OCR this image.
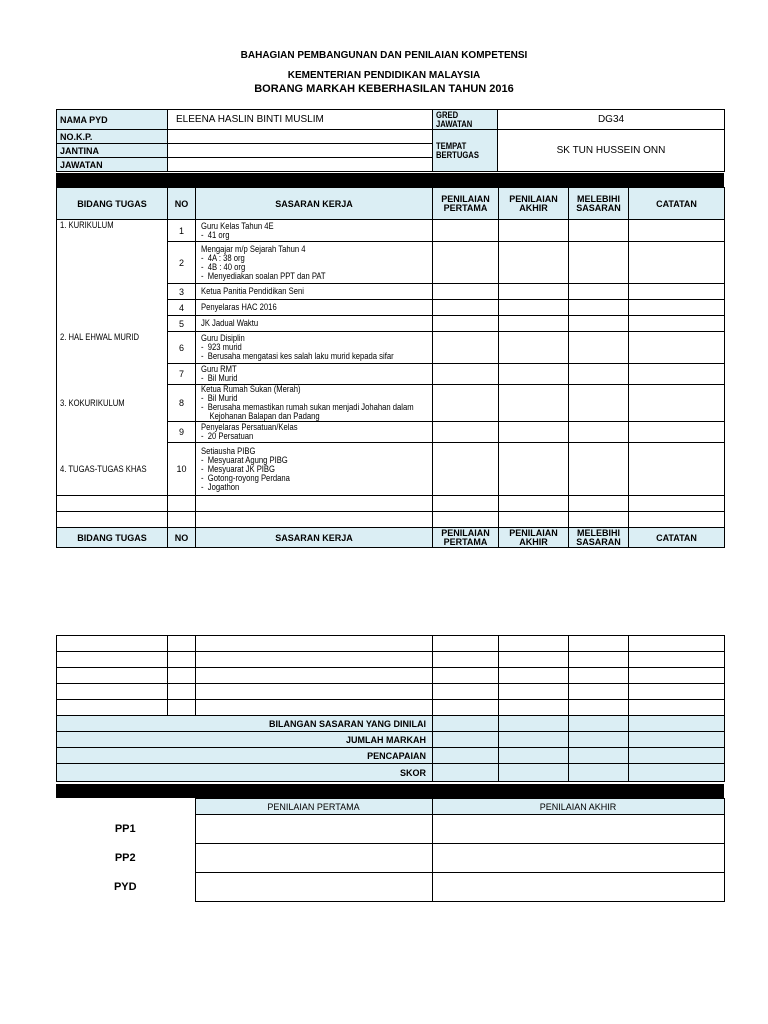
BAHAGIAN PEMBANGUNAN DAN PENILAIAN KOMPETENSI
KEMENTERIAN PENDIDIKAN MALAYSIA
BORANG MARKAH KEBERHASILAN TAHUN 2016
NAMA PYD	ELEENA HASLIN BINTI MUSLIM	GRED JAWATAN	DG34
NO.K.P.		TEMPAT BERTUGAS	SK TUN HUSSEIN ONN
JANTINA			
JAWATAN			
BIDANG TUGAS	NO	SASARAN KERJA	PENILAIAN PERTAMA	PENILAIAN AKHIR	MELEBIHI SASARAN	CATATAN
1. KURIKULUM	1	Guru Kelas Tahun 4E
-  41 org				

	2	Mengajar m/p Sejarah Tahun 4
-  4A : 38 org
-  4B : 40 org
-  Menyediakan soalan PPT dan PAT				

	3	Ketua Panitia Pendidikan Seni				

	4	Penyelaras HAC 2016				

	5	JK Jadual Waktu				

2. HAL EHWAL MURID	6	Guru Disiplin
-  923 murid
-  Berusaha mengatasi kes salah laku murid kepada sifar				

	7	Guru RMT
-  Bil Murid				

3. KOKURIKULUM	8	Ketua Rumah Sukan (Merah)
-  Bil Murid
-  Berusaha memastikan rumah sukan menjadi Johahan dalam
Kejohanan Balapan dan Padang				

	9	Penyelaras Persatuan/Kelas
-  20 Persatuan				

4. TUGAS-TUGAS KHAS	10	Setiausha PIBG
-  Mesyuarat Agung PIBG
-  Mesyuarat JK PIBG
-  Gotong-royong Perdana
-  Jogathon				

BIDANG TUGAS	NO	SASARAN KERJA	PENILAIAN PERTAMA	PENILAIAN AKHIR	MELEBIHI SASARAN	CATATAN

BILANGAN SASARAN YANG DINILAI						
JUMLAH MARKAH						
PENCAPAIAN						
SKOR						
	PENILAIAN PERTAMA	PENILAIAN AKHIR
PP1		
PP2		
PYD		
